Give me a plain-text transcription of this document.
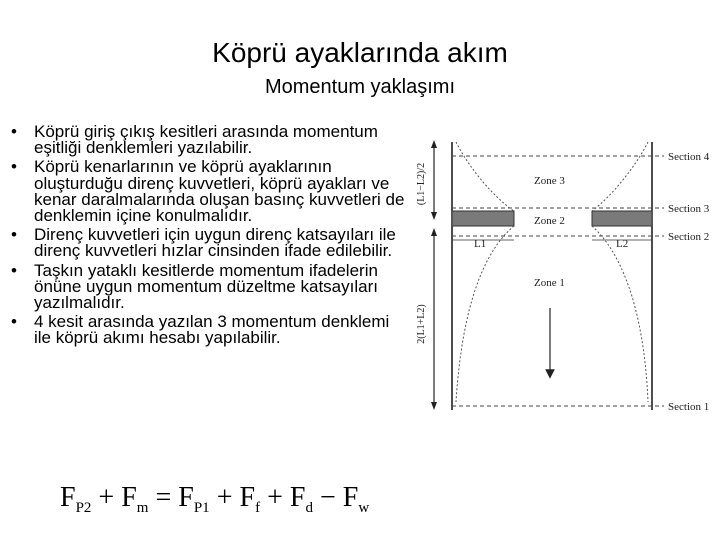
Köprü ayaklarında akım
Momentum yaklaşımı
•	Köprü giriş çıkış kesitleri arasında momentum eşitliği denklemleri yazılabilir.
•	Köprü kenarlarının ve köprü ayaklarının oluşturduğu direnç kuvvetleri, köprü ayakları ve kenar daralmalarında oluşan basınç kuvvetleri de denklemin içine konulmalıdır.
•	Direnç kuvvetleri için uygun direnç katsayıları ile direnç kuvvetleri hızlar cinsinden ifade edilebilir.
•	Taşkın yataklı kesitlerde momentum ifadelerin önüne uygun momentum düzeltme katsayıları yazılmalıdır.
•	4 kesit arasında yazılan 3 momentum denklemi ile köprü akımı hesabı yapılabilir.
(L1−L2)/2
2(L1+L2)
Section 4
Section 3
Section 2
Section 1
Zone 3
Zone 2
Zone 1
L1	L2
$F_{P2} + F_m = F_{P1} + F_f + F_d - F_w$
